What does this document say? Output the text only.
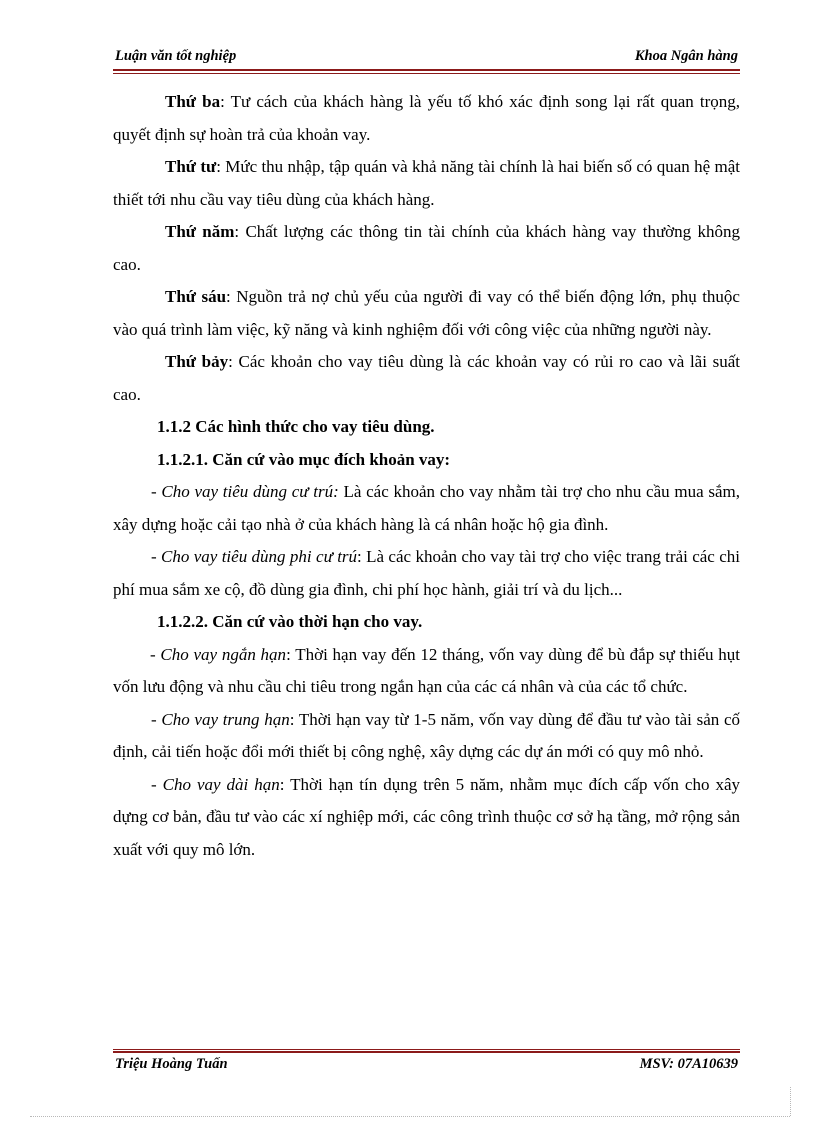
Luận văn tốt nghiệp	Khoa Ngân hàng

Thứ ba: Tư cách của khách hàng là yếu tố khó xác định song lại rất quan trọng, quyết định sự hoàn trả của khoản vay.

Thứ tư: Mức thu nhập, tập quán và khả năng tài chính là hai biến số có quan hệ mật thiết tới nhu cầu vay tiêu dùng của khách hàng.

Thứ năm: Chất lượng các thông tin tài chính của khách hàng vay thường không cao.

Thứ sáu: Nguồn trả nợ chủ yếu của người đi vay có thể biến động lớn, phụ thuộc vào quá trình làm việc, kỹ năng và kinh nghiệm đối với công việc của những người này.

Thứ bảy: Các khoản cho vay tiêu dùng là các khoản vay có rủi ro cao và lãi suất cao.

1.1.2 Các hình thức cho vay tiêu dùng.

1.1.2.1. Căn cứ vào mục đích khoản vay:

- Cho vay tiêu dùng cư trú: Là các khoản cho vay nhằm tài trợ cho nhu cầu mua sắm, xây dựng hoặc cải tạo nhà ở của khách hàng là cá nhân hoặc hộ gia đình.

- Cho vay tiêu dùng phi cư trú: Là các khoản cho vay tài trợ cho việc trang trải các chi phí mua sắm xe cộ, đồ dùng gia đình, chi phí học hành, giải trí và du lịch...

1.1.2.2. Căn cứ vào thời hạn cho vay.

- Cho vay ngắn hạn: Thời hạn vay đến 12 tháng, vốn vay dùng để bù đắp sự thiếu hụt vốn lưu động và nhu cầu chi tiêu trong ngắn hạn của các cá nhân và của các tổ chức.

- Cho vay trung hạn: Thời hạn vay từ 1-5 năm, vốn vay dùng để đầu tư vào tài sản cố định, cải tiến hoặc đổi mới thiết bị công nghệ, xây dựng các dự án mới có quy mô nhỏ.

- Cho vay dài hạn: Thời hạn tín dụng trên 5 năm, nhằm mục đích cấp vốn cho xây dựng cơ bản, đầu tư vào các xí nghiệp mới, các công trình thuộc cơ sở hạ tầng, mở rộng sản xuất với quy mô lớn.

Triệu Hoàng Tuấn	MSV: 07A10639
